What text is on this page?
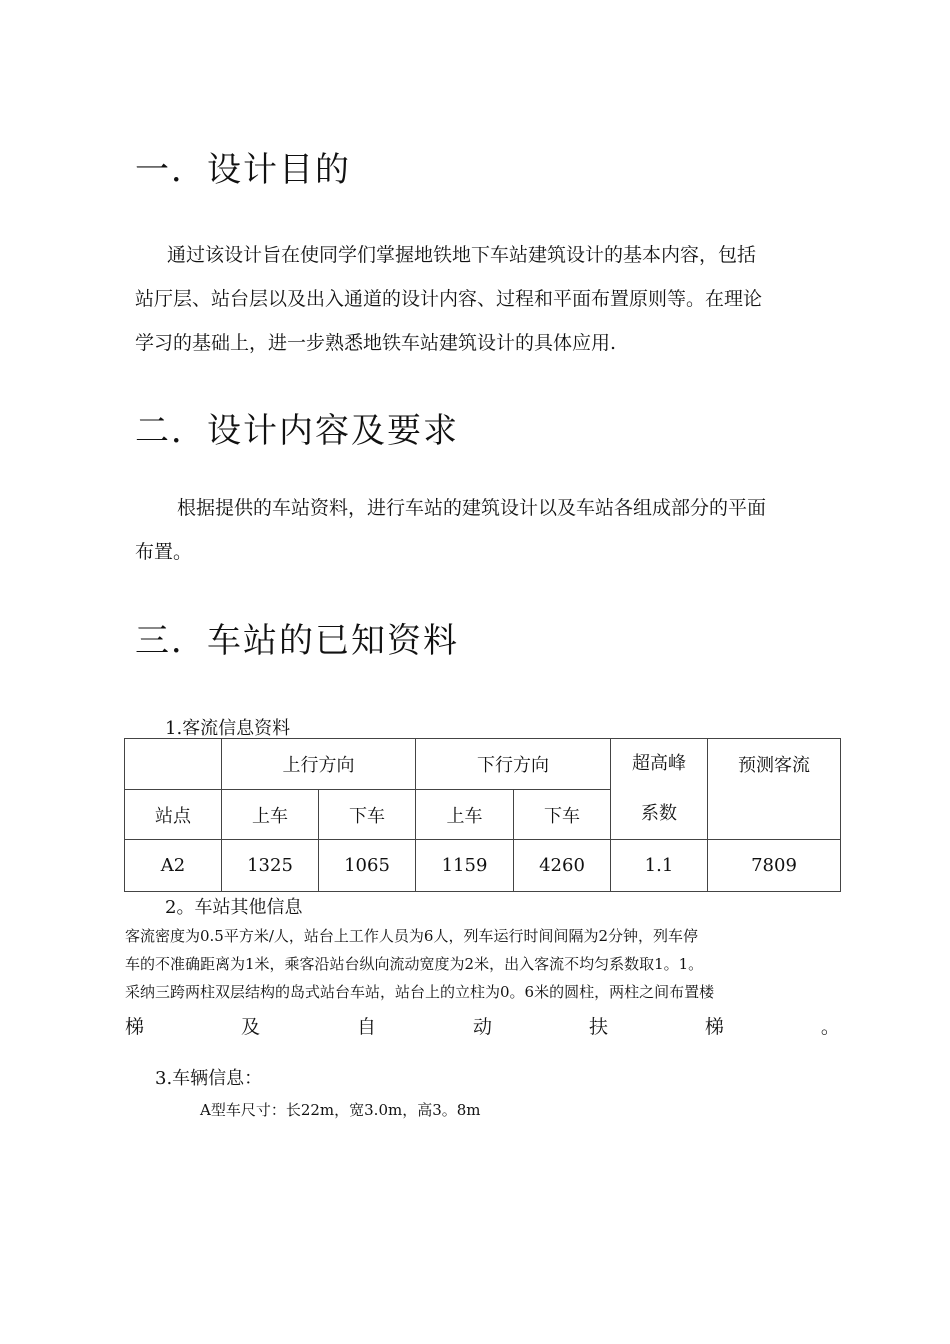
一．设计目的
通过该设计旨在使同学们掌握地铁地下车站建筑设计的基本内容，包括
站厅层、站台层以及出入通道的设计内容、过程和平面布置原则等。在理论
学习的基础上，进一步熟悉地铁车站建筑设计的具体应用.
二．设计内容及要求
根据提供的车站资料，进行车站的建筑设计以及车站各组成部分的平面
布置。
三．车站的已知资料
1.客流信息资料
	上行方向		下行方向		超高峰
系数	预测客流
站点	上车	下车	上车	下车		
A2	1325	1065	1159	4260	1.1	7809
2。车站其他信息
客流密度为0.5平方米/人，站台上工作人员为6人，列车运行时间间隔为2分钟，列车停
车的不准确距离为1米，乘客沿站台纵向流动宽度为2米，出入客流不均匀系数取1。1。
采纳三跨两柱双层结构的岛式站台车站，站台上的立柱为0。6米的圆柱，两柱之间布置楼
梯	及	自	动	扶	梯	。
3.车辆信息：
A型车尺寸：长22m，宽3.0m，高3。8m
